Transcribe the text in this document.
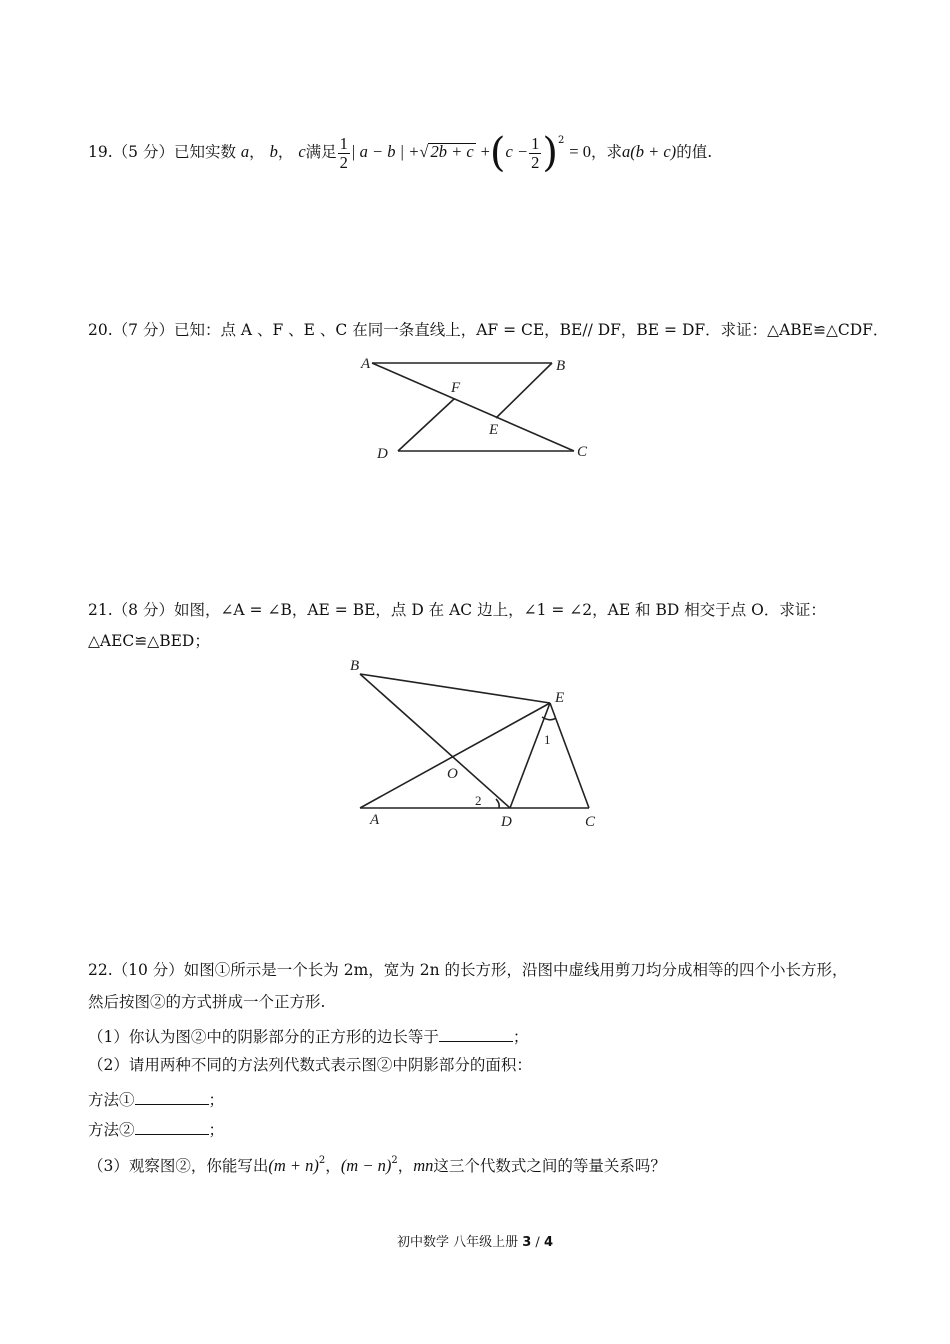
19.（5 分）已知实数 a， b， c满足 $\frac{1}{2}$ | a − b | +√ $2b + c +(c - \frac{1}{2} )^2 = 0$，求a(b + c)的值.
20.（7 分）已知：点 A 、F 、E 、C 在同一条直线上，AF = CE，BE// DF，BE = DF．求证：△ABE≌△CDF．
A	B
F
E
D	C
21.（8 分）如图，∠A = ∠B，AE = BE，点 D 在 AC 边上，∠1 = ∠2，AE 和 BD 相交于点 O．求证：
△AEC≌△BED；
B
E
O
A	D	C
1
2
22.（10 分）如图①所示是一个长为 2m，宽为 2n 的长方形，沿图中虚线用剪刀均分成相等的四个小长方形，
然后按图②的方式拼成一个正方形.
（1）你认为图②中的阴影部分的正方形的边长等于	；
（2）请用两种不同的方法列代数式表示图②中阴影部分的面积：
方法①	；
方法②	；
（3）观察图②，你能写出$(m + n)^2$，$(m - n)^2$，mn这三个代数式之间的等量关系吗？
初中数学 八年级上册 3 / 4
